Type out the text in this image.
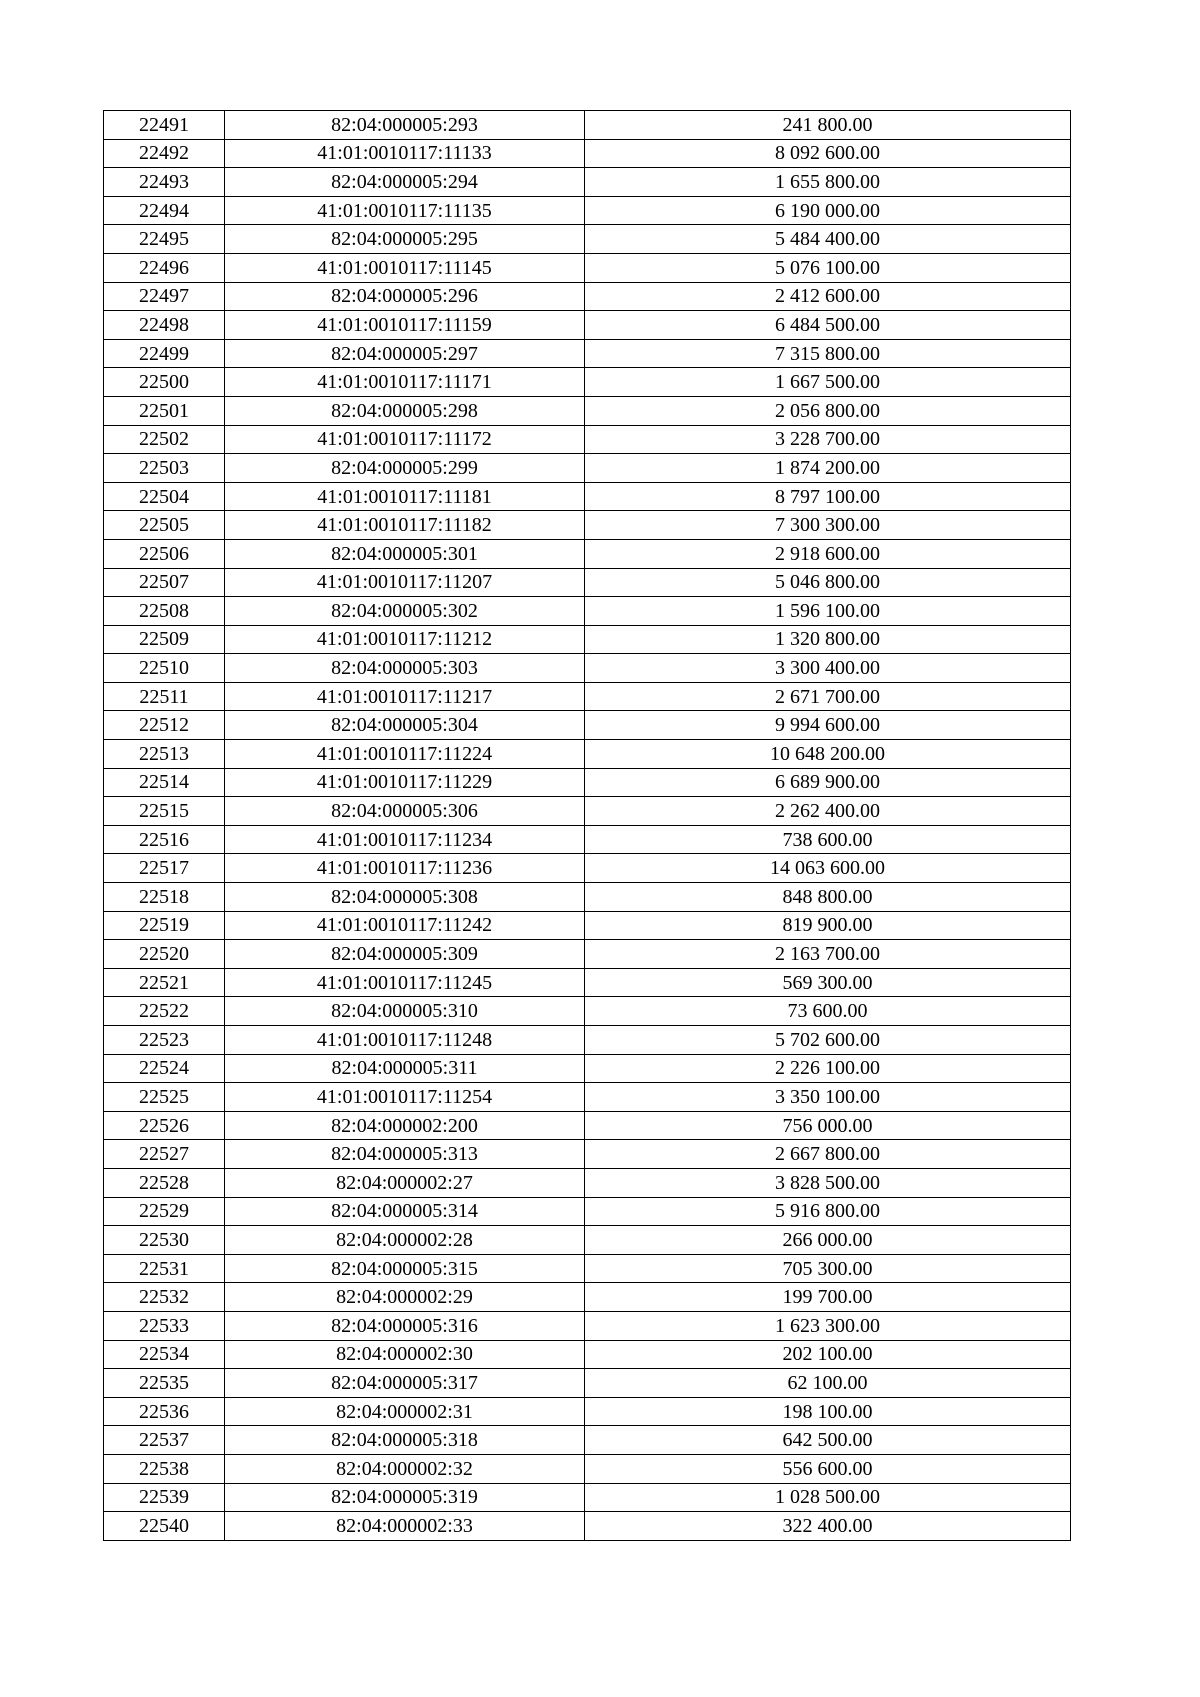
22491	82:04:000005:293	241 800.00
22492	41:01:0010117:11133	8 092 600.00
22493	82:04:000005:294	1 655 800.00
22494	41:01:0010117:11135	6 190 000.00
22495	82:04:000005:295	5 484 400.00
22496	41:01:0010117:11145	5 076 100.00
22497	82:04:000005:296	2 412 600.00
22498	41:01:0010117:11159	6 484 500.00
22499	82:04:000005:297	7 315 800.00
22500	41:01:0010117:11171	1 667 500.00
22501	82:04:000005:298	2 056 800.00
22502	41:01:0010117:11172	3 228 700.00
22503	82:04:000005:299	1 874 200.00
22504	41:01:0010117:11181	8 797 100.00
22505	41:01:0010117:11182	7 300 300.00
22506	82:04:000005:301	2 918 600.00
22507	41:01:0010117:11207	5 046 800.00
22508	82:04:000005:302	1 596 100.00
22509	41:01:0010117:11212	1 320 800.00
22510	82:04:000005:303	3 300 400.00
22511	41:01:0010117:11217	2 671 700.00
22512	82:04:000005:304	9 994 600.00
22513	41:01:0010117:11224	10 648 200.00
22514	41:01:0010117:11229	6 689 900.00
22515	82:04:000005:306	2 262 400.00
22516	41:01:0010117:11234	738 600.00
22517	41:01:0010117:11236	14 063 600.00
22518	82:04:000005:308	848 800.00
22519	41:01:0010117:11242	819 900.00
22520	82:04:000005:309	2 163 700.00
22521	41:01:0010117:11245	569 300.00
22522	82:04:000005:310	73 600.00
22523	41:01:0010117:11248	5 702 600.00
22524	82:04:000005:311	2 226 100.00
22525	41:01:0010117:11254	3 350 100.00
22526	82:04:000002:200	756 000.00
22527	82:04:000005:313	2 667 800.00
22528	82:04:000002:27	3 828 500.00
22529	82:04:000005:314	5 916 800.00
22530	82:04:000002:28	266 000.00
22531	82:04:000005:315	705 300.00
22532	82:04:000002:29	199 700.00
22533	82:04:000005:316	1 623 300.00
22534	82:04:000002:30	202 100.00
22535	82:04:000005:317	62 100.00
22536	82:04:000002:31	198 100.00
22537	82:04:000005:318	642 500.00
22538	82:04:000002:32	556 600.00
22539	82:04:000005:319	1 028 500.00
22540	82:04:000002:33	322 400.00
